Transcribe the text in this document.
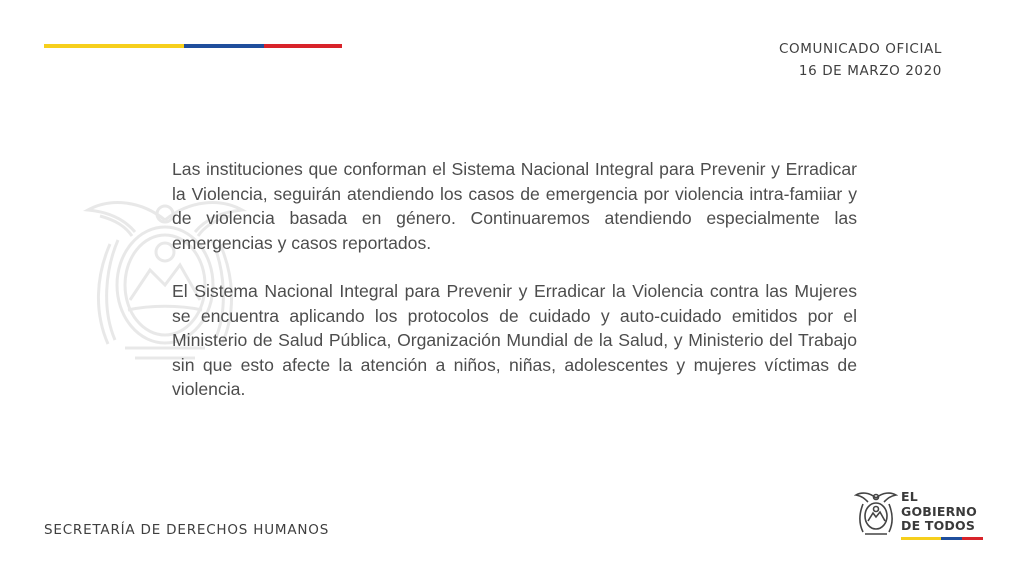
COMUNICADO OFICIAL
16 DE MARZO 2020

Las instituciones que conforman el Sistema Nacional Integral para Prevenir y Erradicar la Violencia, seguirán atendiendo los casos de emergencia por violencia intra-famiiar y de violencia basada en género. Continuaremos atendiendo especialmente las emergencias y casos reportados.

El Sistema Nacional Integral para Prevenir y Erradicar la Violencia contra las Mujeres se encuentra aplicando los protocolos de cuidado y auto-cuidado emitidos por el Ministerio de Salud Pública, Organización Mundial de la Salud, y Ministerio del Trabajo sin que esto afecte la atención a niños, niñas, adolescentes y mujeres víctimas de violencia.

SECRETARÍA DE DERECHOS HUMANOS
EL
GOBIERNO
DE TODOS
